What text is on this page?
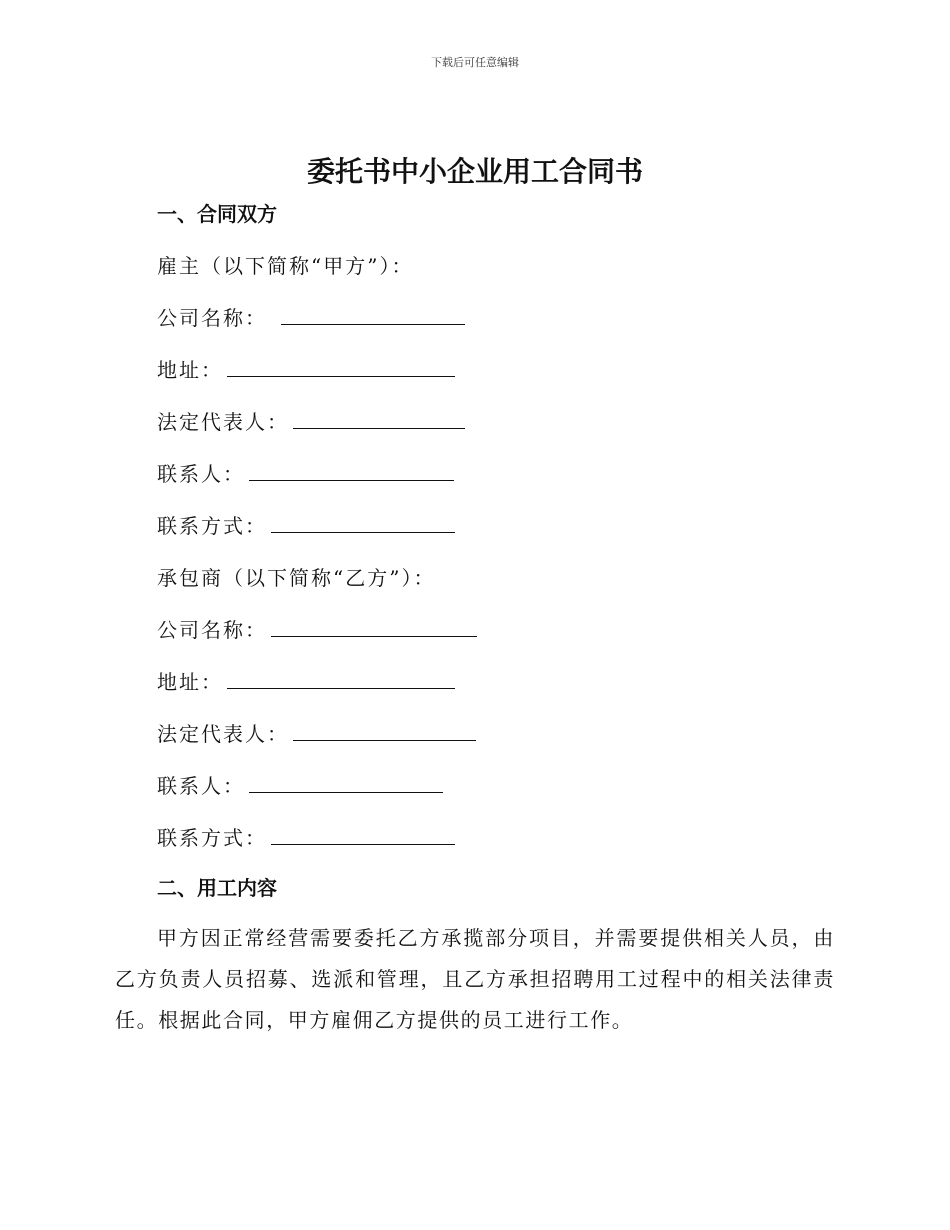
下载后可任意编辑
委托书中小企业用工合同书
一、合同双方
雇主（以下简称“甲方”）：
公司名称：
地址：
法定代表人：
联系人：
联系方式：
承包商（以下简称“乙方”）：
公司名称：
地址：
法定代表人：
联系人：
联系方式：
二、用工内容
甲方因正常经营需要委托乙方承揽部分项目，并需要提供相关人员，由乙方负责人员招募、选派和管理，且乙方承担招聘用工过程中的相关法律责任。根据此合同，甲方雇佣乙方提供的员工进行工作。
